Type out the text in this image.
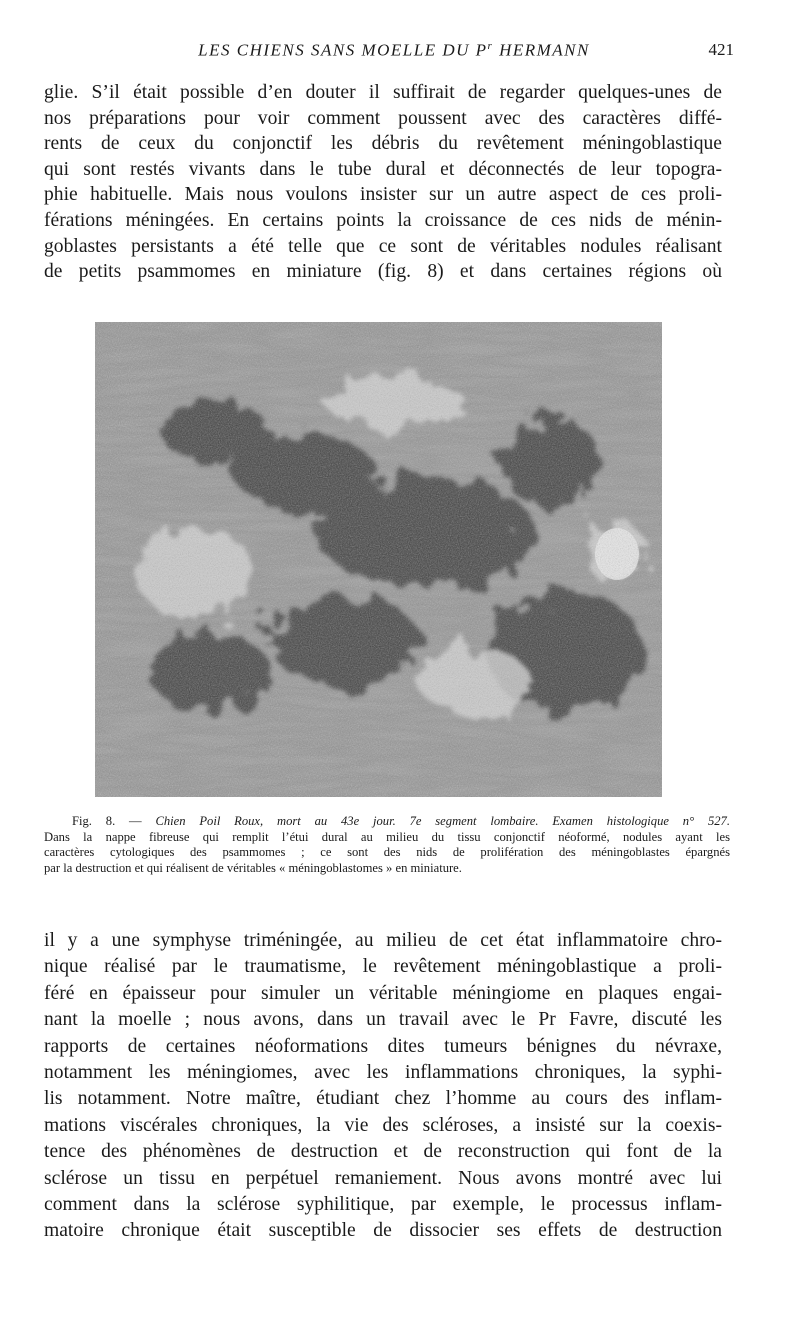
LES CHIENS SANS MOELLE DU $P^r$ HERMANN	421
glie. S’il était possible d’en douter il suffirait de regarder quelques-unes de
nos préparations pour voir comment poussent avec des caractères diffé-
rents de ceux du conjonctif les débris du revêtement méningoblastique
qui sont restés vivants dans le tube dural et déconnectés de leur topogra-
phie habituelle. Mais nous voulons insister sur un autre aspect de ces proli-
férations méningées. En certains points la croissance de ces nids de ménin-
goblastes persistants a été telle que ce sont de véritables nodules réalisant
de petits psammomes en miniature (fig. 8) et dans certaines régions où
Fig. 8. — Chien Poil Roux, mort au 43e jour. 7e segment lombaire. Examen histologique n° 527.
Dans la nappe fibreuse qui remplit l’étui dural au milieu du tissu conjonctif néoformé, nodules ayant les
caractères cytologiques des psammomes ; ce sont des nids de prolifération des méningoblastes épargnés
par la destruction et qui réalisent de véritables « méningoblastomes » en miniature.
il y a une symphyse triméningée, au milieu de cet état inflammatoire chro-
nique réalisé par le traumatisme, le revêtement méningoblastique a proli-
féré en épaisseur pour simuler un véritable méningiome en plaques engai-
nant la moelle ; nous avons, dans un travail avec le Pr Favre, discuté les
rapports de certaines néoformations dites tumeurs bénignes du névraxe,
notamment les méningiomes, avec les inflammations chroniques, la syphi-
lis notamment. Notre maître, étudiant chez l’homme au cours des inflam-
mations viscérales chroniques, la vie des scléroses, a insisté sur la coexis-
tence des phénomènes de destruction et de reconstruction qui font de la
sclérose un tissu en perpétuel remaniement. Nous avons montré avec lui
comment dans la sclérose syphilitique, par exemple, le processus inflam-
matoire chronique était susceptible de dissocier ses effets de destruction
